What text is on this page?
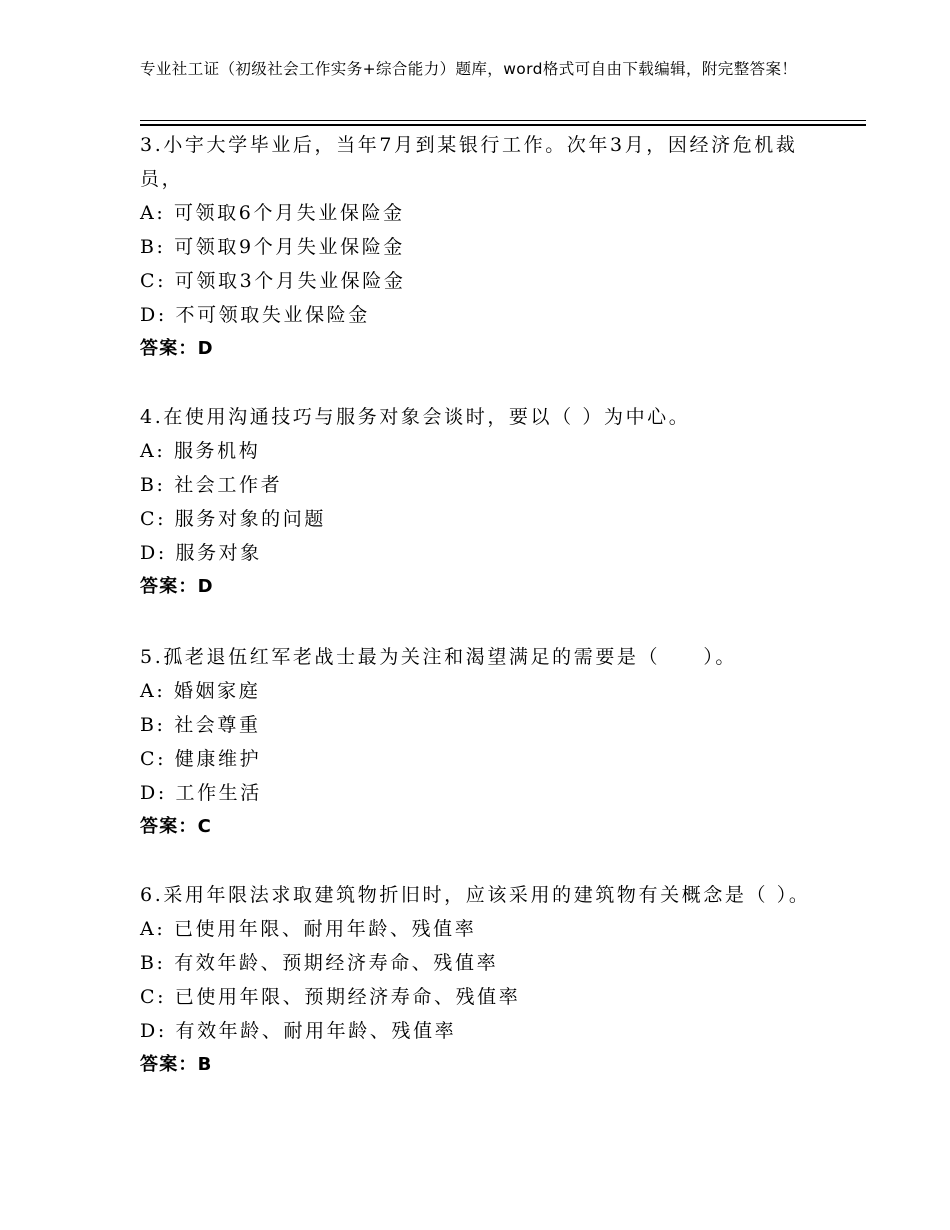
专业社工证（初级社会工作实务+综合能力）题库，word格式可自由下载编辑，附完整答案！

3.小宇大学毕业后，当年7月到某银行工作。次年3月，因经济危机裁员，

A: 可领取6个月失业保险金

B: 可领取9个月失业保险金

C: 可领取3个月失业保险金

D: 不可领取失业保险金

答案：D

4.在使用沟通技巧与服务对象会谈时，要以（ ）为中心。

A: 服务机构

B: 社会工作者

C: 服务对象的问题

D: 服务对象

答案：D

5.孤老退伍红军老战士最为关注和渴望满足的需要是（　　）。

A: 婚姻家庭

B: 社会尊重

C: 健康维护

D: 工作生活

答案：C

6.采用年限法求取建筑物折旧时，应该采用的建筑物有关概念是（ ）。

A: 已使用年限、耐用年龄、残值率

B: 有效年龄、预期经济寿命、残值率

C: 已使用年限、预期经济寿命、残值率

D: 有效年龄、耐用年龄、残值率

答案：B
